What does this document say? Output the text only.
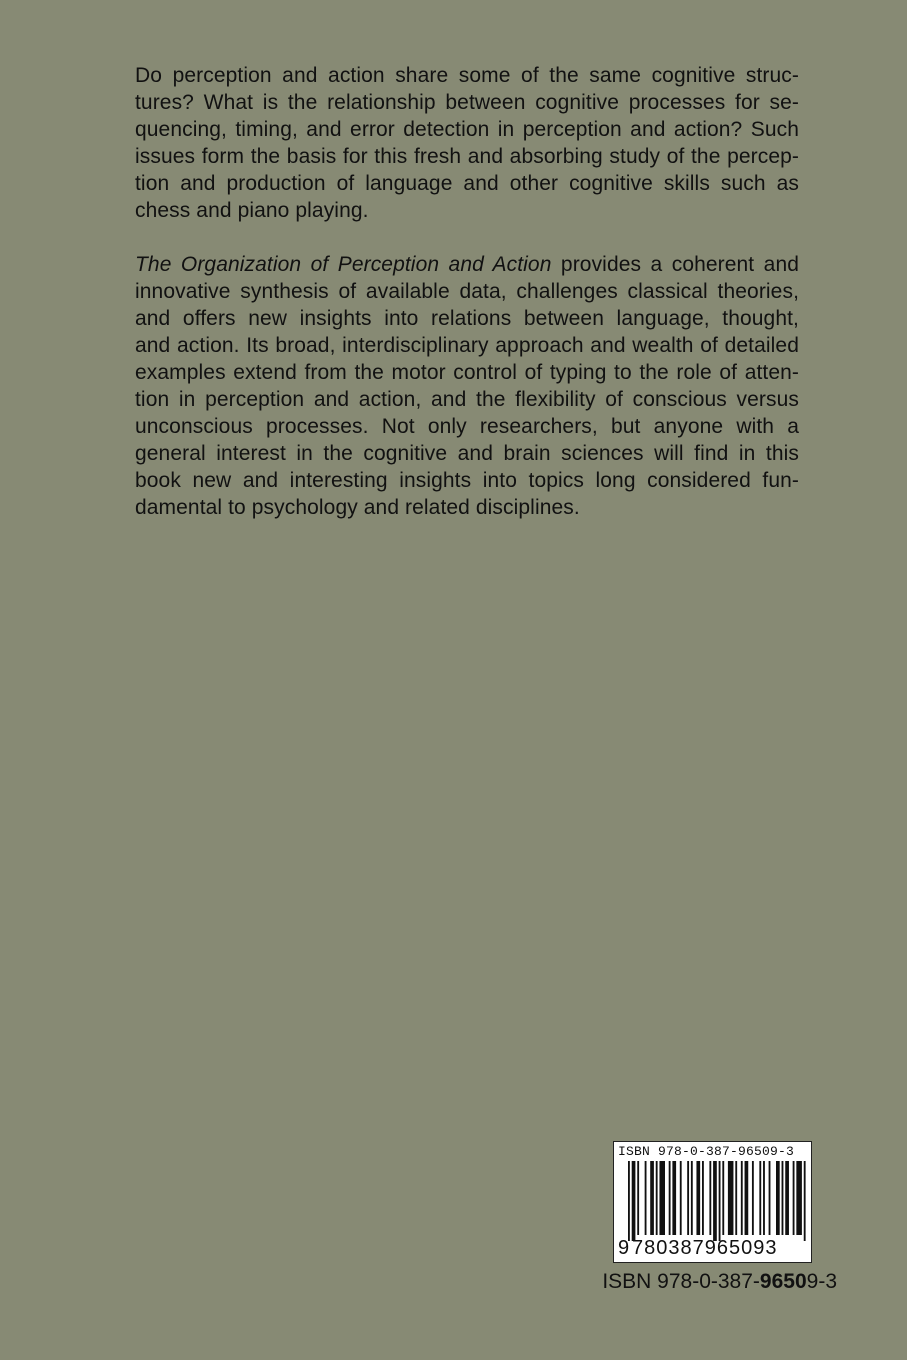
Do perception and action share some of the same cognitive struc-
tures? What is the relationship between cognitive processes for se-
quencing, timing, and error detection in perception and action? Such
issues form the basis for this fresh and absorbing study of the percep-
tion and production of language and other cognitive skills such as
chess and piano playing.

The Organization of Perception and Action provides a coherent and
innovative synthesis of available data, challenges classical theories,
and offers new insights into relations between language, thought,
and action. Its broad, interdisciplinary approach and wealth of detailed
examples extend from the motor control of typing to the role of atten-
tion in perception and action, and the flexibility of conscious versus
unconscious processes. Not only researchers, but anyone with a
general interest in the cognitive and brain sciences will find in this
book new and interesting insights into topics long considered fun-
damental to psychology and related disciplines.

ISBN 978-0-387-96509-3
9780387965093
ISBN 978-0-387-96509-3
